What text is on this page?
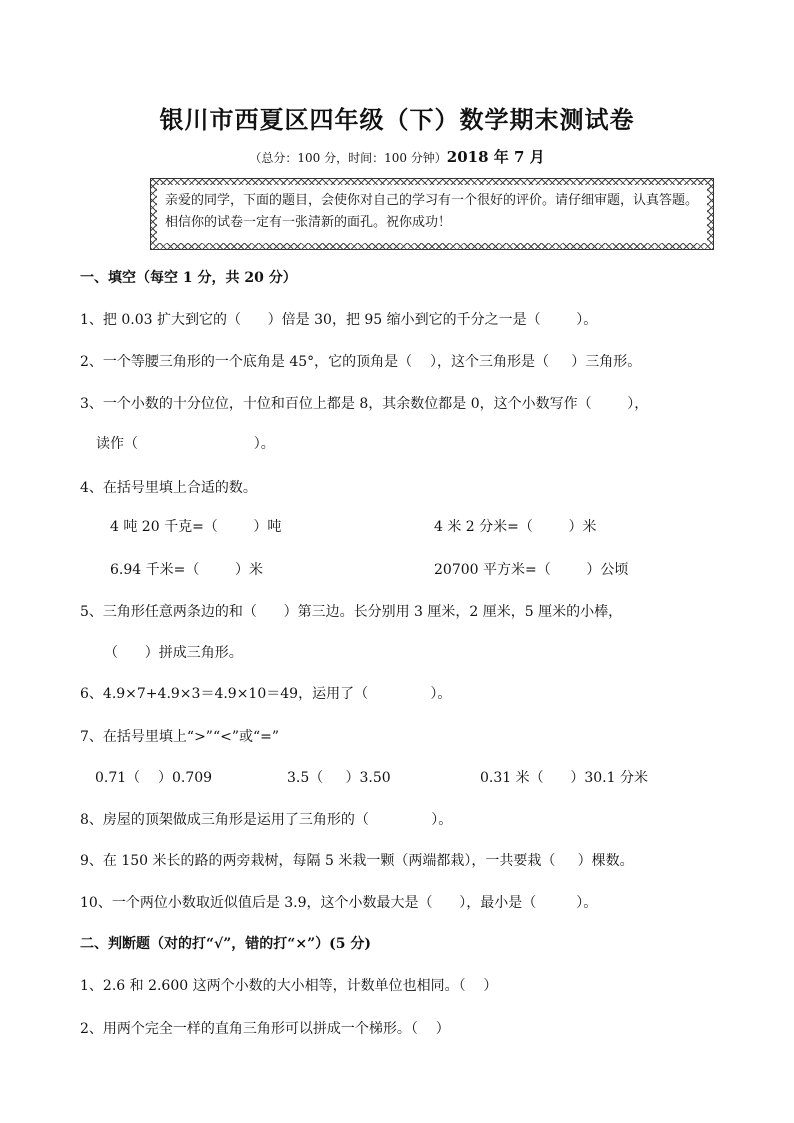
银川市西夏区四年级（下）数学期末测试卷
（总分：100 分，时间：100 分钟）2018 年 7 月
亲爱的同学，下面的题目，会使你对自己的学习有一个很好的评价。请仔细审题，认真答题。相信你的试卷一定有一张清新的面孔。祝你成功！
一、填空（每空 1 分，共 20 分）
1、把 0.03 扩大到它的（      ）倍是 30，把 95 缩小到它的千分之一是（        ）。
2、一个等腰三角形的一个底角是 45°，它的顶角是（    ），这个三角形是（     ）三角形。
3、一个小数的十分位位，十位和百位上都是 8，其余数位都是 0，这个小数写作（        ），
读作（                          ）。
4、在括号里填上合适的数。
4 吨 20 千克=（        ）吨	4 米 2 分米=（        ）米
6.94 千米=（        ）米	20700 平方米=（        ）公顷
5、三角形任意两条边的和（      ）第三边。长分别用 3 厘米，2 厘米，5 厘米的小棒，
（      ）拼成三角形。
6、4.9×7+4.9×3＝4.9×10＝49，运用了（              ）。
7、在括号里填上“>”“<”或“=”
0.71（    ）0.709	3.5（     ）3.50	0.31 米（      ）30.1 分米
8、房屋的顶架做成三角形是运用了三角形的（              ）。
9、在 150 米长的路的两旁栽树，每隔 5 米栽一颗（两端都栽），一共要栽（     ）棵数。
10、一个两位小数取近似值后是 3.9，这个小数最大是（      ），最小是（         ）。
二、判断题（对的打“√”，错的打“×”）(5 分)
1、2.6 和 2.600 这两个小数的大小相等，计数单位也相同。（    ）
2、用两个完全一样的直角三角形可以拼成一个梯形。（    ）
